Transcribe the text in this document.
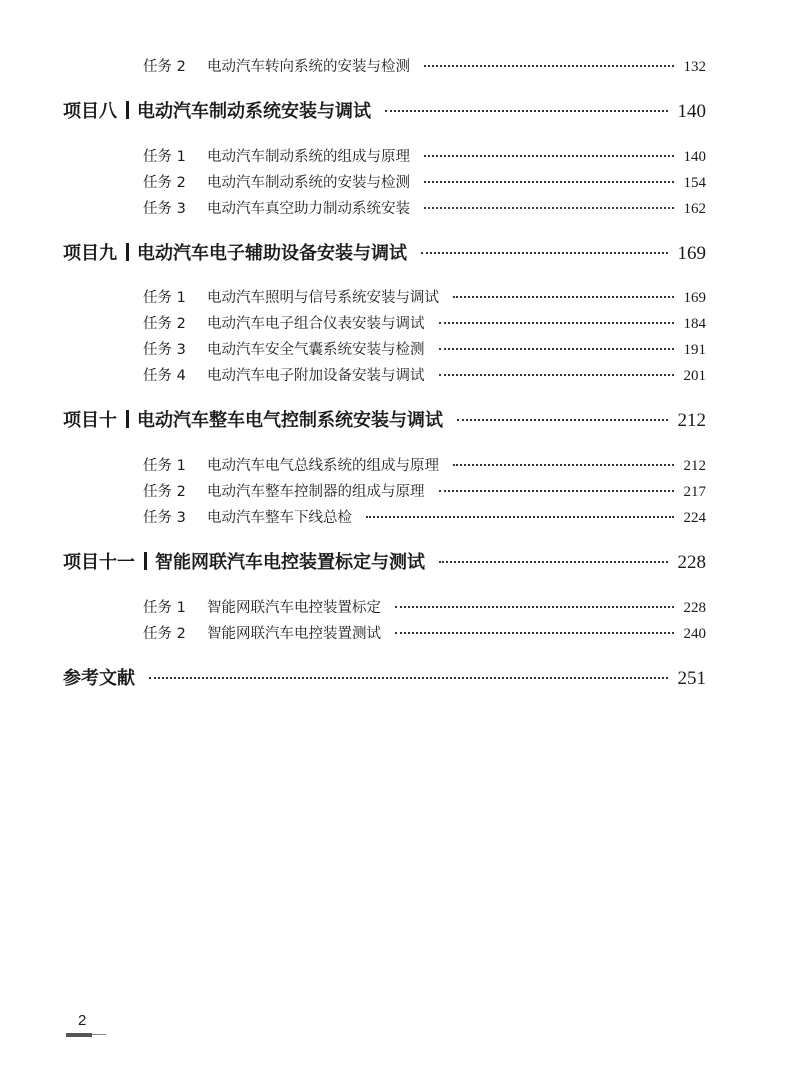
任务 2	电动汽车转向系统的安装与检测	132
项目八 电动汽车制动系统安装与调试	140
任务 1	电动汽车制动系统的组成与原理	140
任务 2	电动汽车制动系统的安装与检测	154
任务 3	电动汽车真空助力制动系统安装	162
项目九 电动汽车电子辅助设备安装与调试	169
任务 1	电动汽车照明与信号系统安装与调试	169
任务 2	电动汽车电子组合仪表安装与调试	184
任务 3	电动汽车安全气囊系统安装与检测	191
任务 4	电动汽车电子附加设备安装与调试	201
项目十 电动汽车整车电气控制系统安装与调试	212
任务 1	电动汽车电气总线系统的组成与原理	212
任务 2	电动汽车整车控制器的组成与原理	217
任务 3	电动汽车整车下线总检	224
项目十一 智能网联汽车电控装置标定与测试	228
任务 1	智能网联汽车电控装置标定	228
任务 2	智能网联汽车电控装置测试	240
参考文献	251
2
